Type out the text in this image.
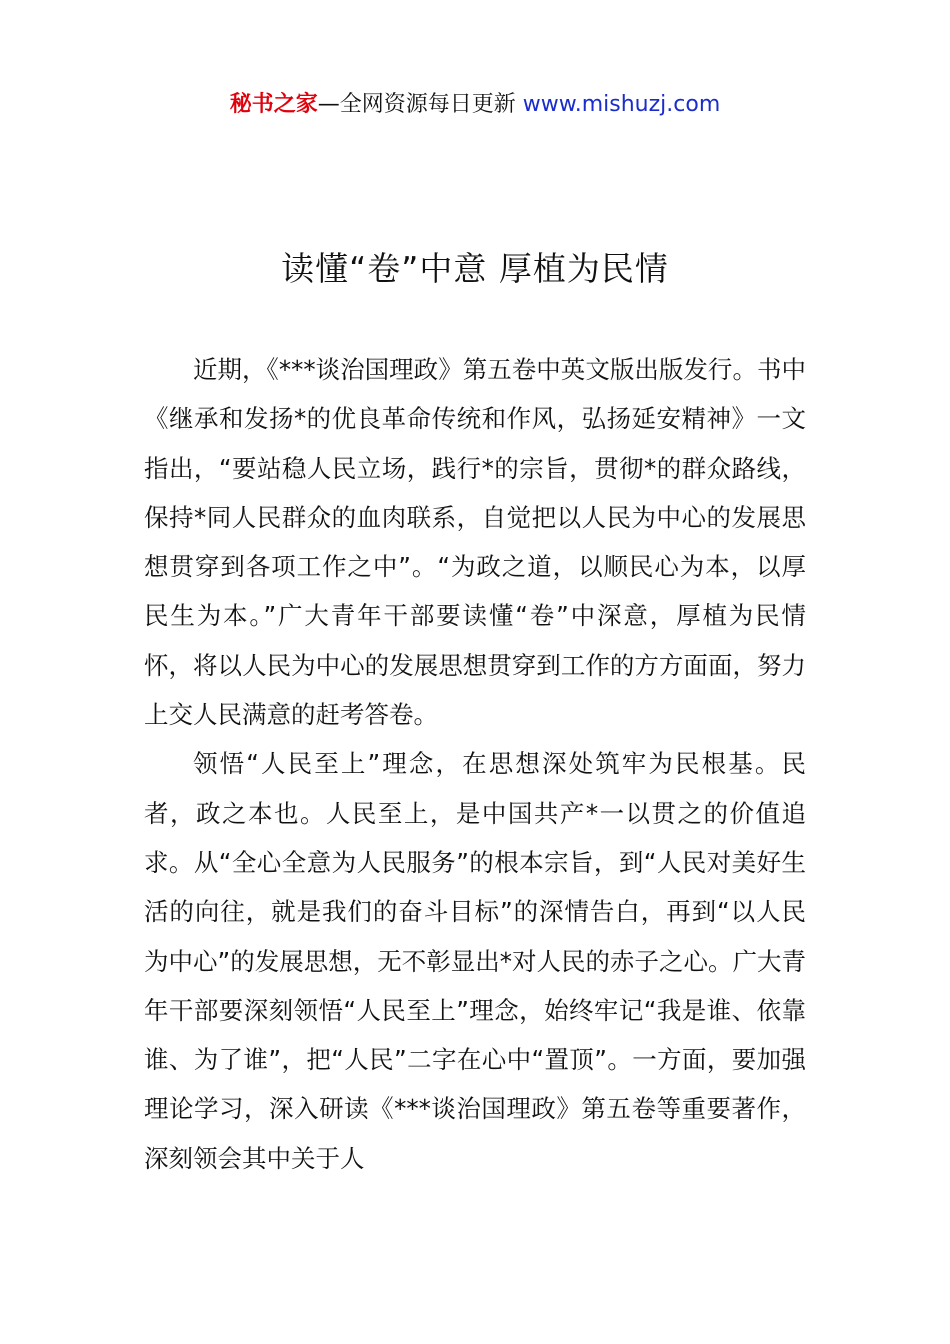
秘书之家—全网资源每日更新 www.mishuzj.com
读懂“卷”中意 厚植为民情

近期，《***谈治国理政》第五卷中英文版出版发行。书中《继承和发扬*的优良革命传统和作风，弘扬延安精神》一文指出，“要站稳人民立场，践行*的宗旨，贯彻*的群众路线，保持*同人民群众的血肉联系，自觉把以人民为中心的发展思想贯穿到各项工作之中”。“为政之道，以顺民心为本，以厚民生为本。”广大青年干部要读懂“卷”中深意，厚植为民情怀，将以人民为中心的发展思想贯穿到工作的方方面面，努力上交人民满意的赶考答卷。

领悟“人民至上”理念，在思想深处筑牢为民根基。民者，政之本也。人民至上，是中国共产*一以贯之的价值追求。从“全心全意为人民服务”的根本宗旨，到“人民对美好生活的向往，就是我们的奋斗目标”的深情告白，再到“以人民为中心”的发展思想，无不彰显出*对人民的赤子之心。广大青年干部要深刻领悟“人民至上”理念，始终牢记“我是谁、依靠谁、为了谁”，把“人民”二字在心中“置顶”。一方面，要加强理论学习，深入研读《***谈治国理政》第五卷等重要著作，深刻领会其中关于人
